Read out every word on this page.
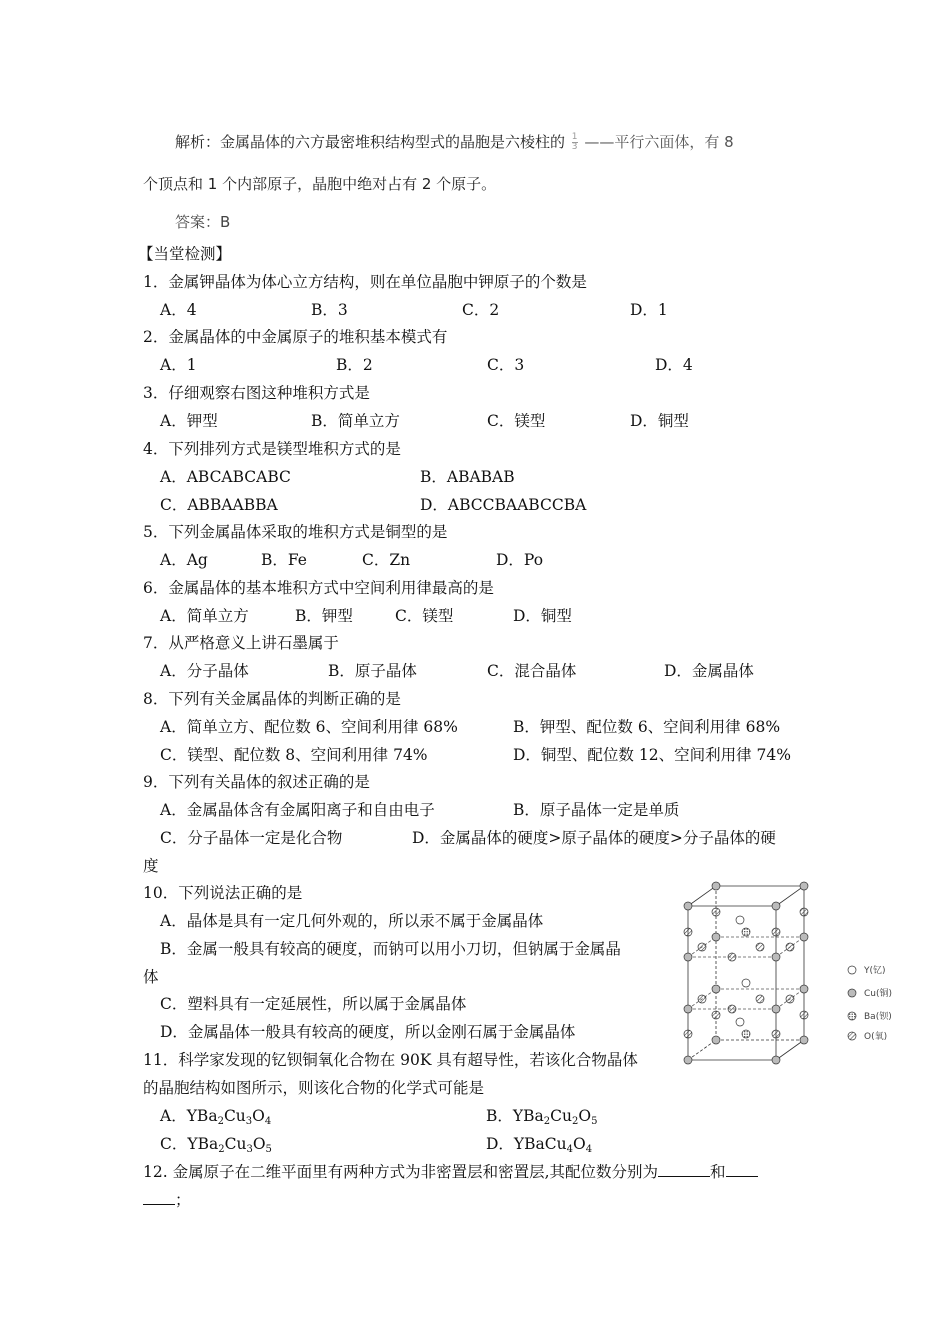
解析：金属晶体的六方最密堆积结构型式的晶胞是六棱柱的 $\frac{1}{3}$ ——平行六面体，有 8
个顶点和 1 个内部原子，晶胞中绝对占有 2 个原子。
答案：B
【当堂检测】
1．金属钾晶体为体心立方结构，则在单位晶胞中钾原子的个数是
A．4	B．3	C．2	D．1
2．金属晶体的中金属原子的堆积基本模式有
A．1	B．2	C．3	D．4
3．仔细观察右图这种堆积方式是
A．钾型	B．简单立方	C．镁型	D．铜型
4．下列排列方式是镁型堆积方式的是
A．ABCABCABC	B．ABABAB
C．ABBAABBA	D．ABCCBAABCCBA
5．下列金属晶体采取的堆积方式是铜型的是
A．Ag	B．Fe	C．Zn	D．Po
6．金属晶体的基本堆积方式中空间利用律最高的是
A．简单立方	B．钾型	C．镁型	D．铜型
7．从严格意义上讲石墨属于
A．分子晶体	B．原子晶体	C．混合晶体	D．金属晶体
8．下列有关金属晶体的判断正确的是
A．简单立方、配位数 6、空间利用律 68%	B．钾型、配位数 6、空间利用律 68%
C．镁型、配位数 8、空间利用律 74%	D．铜型、配位数 12、空间利用律 74%
9．下列有关晶体的叙述正确的是
A．金属晶体含有金属阳离子和自由电子	B．原子晶体一定是单质
C．分子晶体一定是化合物	D．金属晶体的硬度>原子晶体的硬度>分子晶体的硬
度
10．下列说法正确的是
A．晶体是具有一定几何外观的，所以汞不属于金属晶体
B．金属一般具有较高的硬度，而钠可以用小刀切，但钠属于金属晶
体
C．塑料具有一定延展性，所以属于金属晶体
D．金属晶体一般具有较高的硬度，所以金刚石属于金属晶体
11．科学家发现的钇钡铜氧化合物在 90K 具有超导性，若该化合物晶体
的晶胞结构如图所示，则该化合物的化学式可能是
A．$YBa_2Cu_3O_4$	B．$YBa_2Cu_2O_5$
C．$YBa_2Cu_3O_5$	D．$YBaCu_4O_4$
12. 金属原子在二维平面里有两种方式为非密置层和密置层,其配位数分别为	和
；
Y(钇)
Cu(铜)
Ba(钡)
O(氧)
